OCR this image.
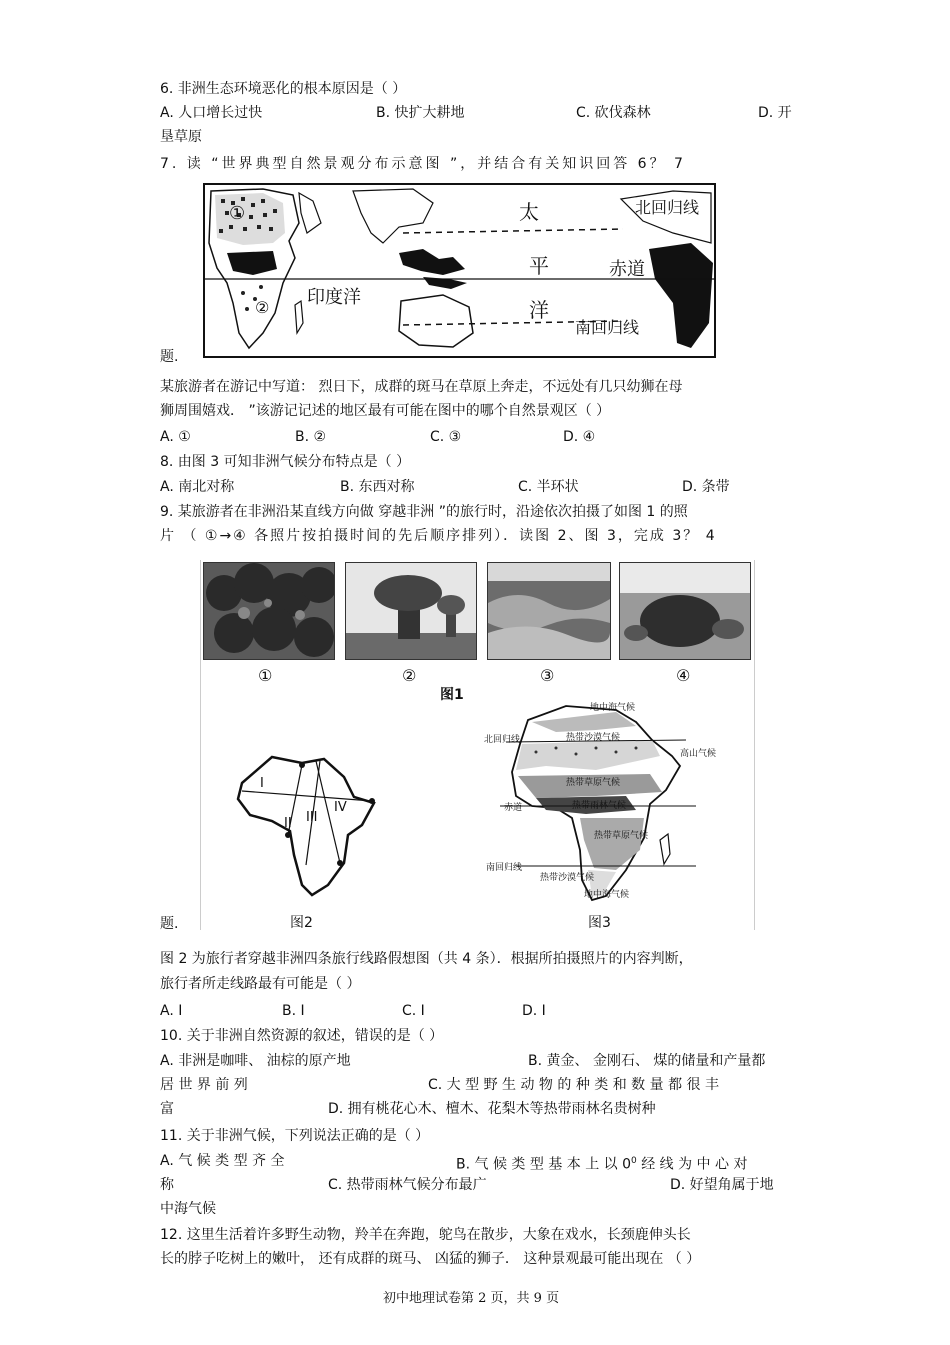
6. 非洲生态环境恶化的根本原因是（ ）
A. 人口增长过快	B. 快扩大耕地	C. 砍伐森林	D. 开
垦草原
7. 读 “世界典型自然景观分布示意图 ”，并结合有关知识回答 6？ 7
①
②
太
平
洋
印度洋
北回归线
赤道
南回归线
题.
某旅游者在游记中写道： 烈日下，成群的斑马在草原上奔走，不远处有几只幼狮在母
狮周围嬉戏． ”该游记记述的地区最有可能在图中的哪个自然景观区（ ）
A. ①	B. ②	C. ③	D. ④
8. 由图 3 可知非洲气候分布特点是（ ）
A. 南北对称	B. 东西对称	C. 半环状	D. 条带
9. 某旅游者在非洲沿某直线方向做 穿越非洲 ”的旅行时，沿途依次拍摄了如图 1 的照
片 （ ①→④ 各照片按拍摄时间的先后顺序排列）．读图 2、图 3，完成 3？ 4
①	②	③	④
图1
I
II III
IV
图2
地中海气候
北回归线	热带沙漠气候
高山气候
热带草原气候
赤道	热带雨林气候
热带草原气候
南回归线
热带沙漠气候
地中海气候
图3
题.
图 2 为旅行者穿越非洲四条旅行线路假想图（共 4 条）．根据所拍摄照片的内容判断，
旅行者所走线路最有可能是（ ）
A. Ⅰ	B. Ⅰ	C. Ⅰ	D. Ⅰ
10. 关于非洲自然资源的叙述，错误的是（ ）
A. 非洲是咖啡、 油棕的原产地	B. 黄金、 金刚石、 煤的储量和产量都
居 世 界 前 列	C. 大 型 野 生 动 物 的 种 类 和 数 量 都 很 丰
富	D. 拥有桃花心木、檀木、花梨木等热带雨林名贵树种
11. 关于非洲气候，下列说法正确的是（ ）
A. 气 候 类 型 齐 全	B. 气 候 类 型 基 本 上 以 $0^0$ 经 线 为 中 心 对
称	C. 热带雨林气候分布最广	D. 好望角属于地
中海气候
12. 这里生活着许多野生动物，羚羊在奔跑，鸵鸟在散步，大象在戏水，长颈鹿伸头长
长的脖子吃树上的嫩叶， 还有成群的斑马、 凶猛的狮子． 这种景观最可能出现在 （ ）
初中地理试卷第 2 页，共 9 页
